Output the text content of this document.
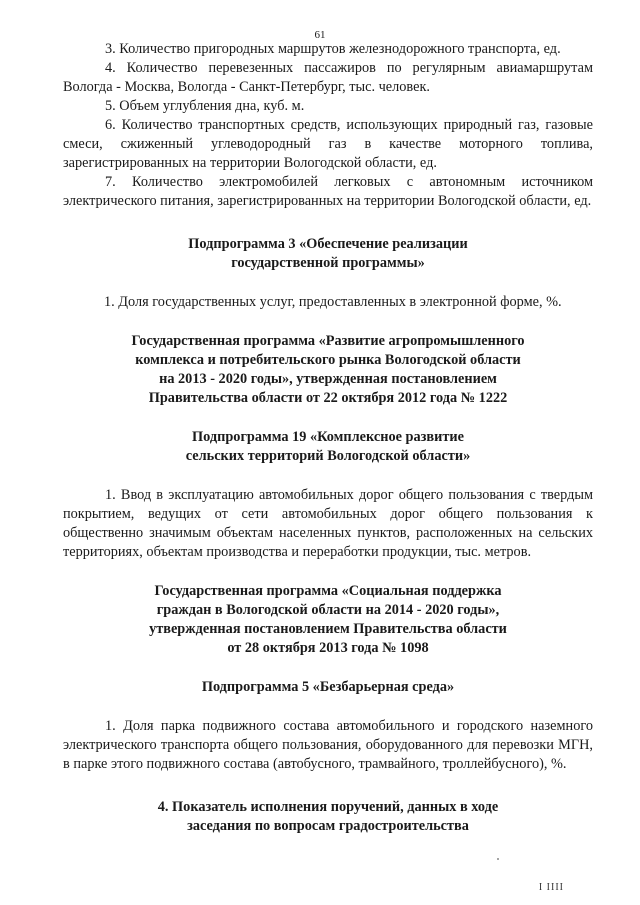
61

3. Количество пригородных маршрутов железнодорожного транспорта, ед.

4. Количество перевезенных пассажиров по регулярным авиамаршрутам Вологда - Москва, Вологда - Санкт-Петербург, тыс. человек.

5. Объем углубления дна, куб. м.

6. Количество транспортных средств, использующих природный газ, газовые смеси, сжиженный углеводородный газ в качестве моторного топлива, зарегистрированных на территории Вологодской области, ед.

7. Количество электромобилей легковых с автономным источником электрического питания, зарегистрированных на территории Вологодской области, ед.

Подпрограмма 3 «Обеспечение реализации

государственной программы»

1. Доля государственных услуг, предоставленных в электронной форме, %.

Государственная программа «Развитие агропромышленного

комплекса и потребительского рынка Вологодской области

на 2013 - 2020 годы», утвержденная постановлением

Правительства области от 22 октября 2012 года № 1222

Подпрограмма 19 «Комплексное развитие

сельских территорий Вологодской области»

1. Ввод в эксплуатацию автомобильных дорог общего пользования с твердым покрытием, ведущих от сети автомобильных дорог общего пользования к общественно значимым объектам населенных пунктов, расположенных на сельских территориях, объектам производства и переработки продукции, тыс. метров.

Государственная программа «Социальная поддержка

граждан в Вологодской области на 2014 - 2020 годы»,

утвержденная постановлением Правительства области

от 28 октября 2013 года № 1098

Подпрограмма 5 «Безбарьерная среда»

1. Доля парка подвижного состава автомобильного и городского наземного электрического транспорта общего пользования, оборудованного для перевозки МГН, в парке этого подвижного состава (автобусного, трамвайного, троллейбусного), %.

4. Показатель исполнения поручений, данных в ходе

заседания по вопросам градостроительства

I IIII
